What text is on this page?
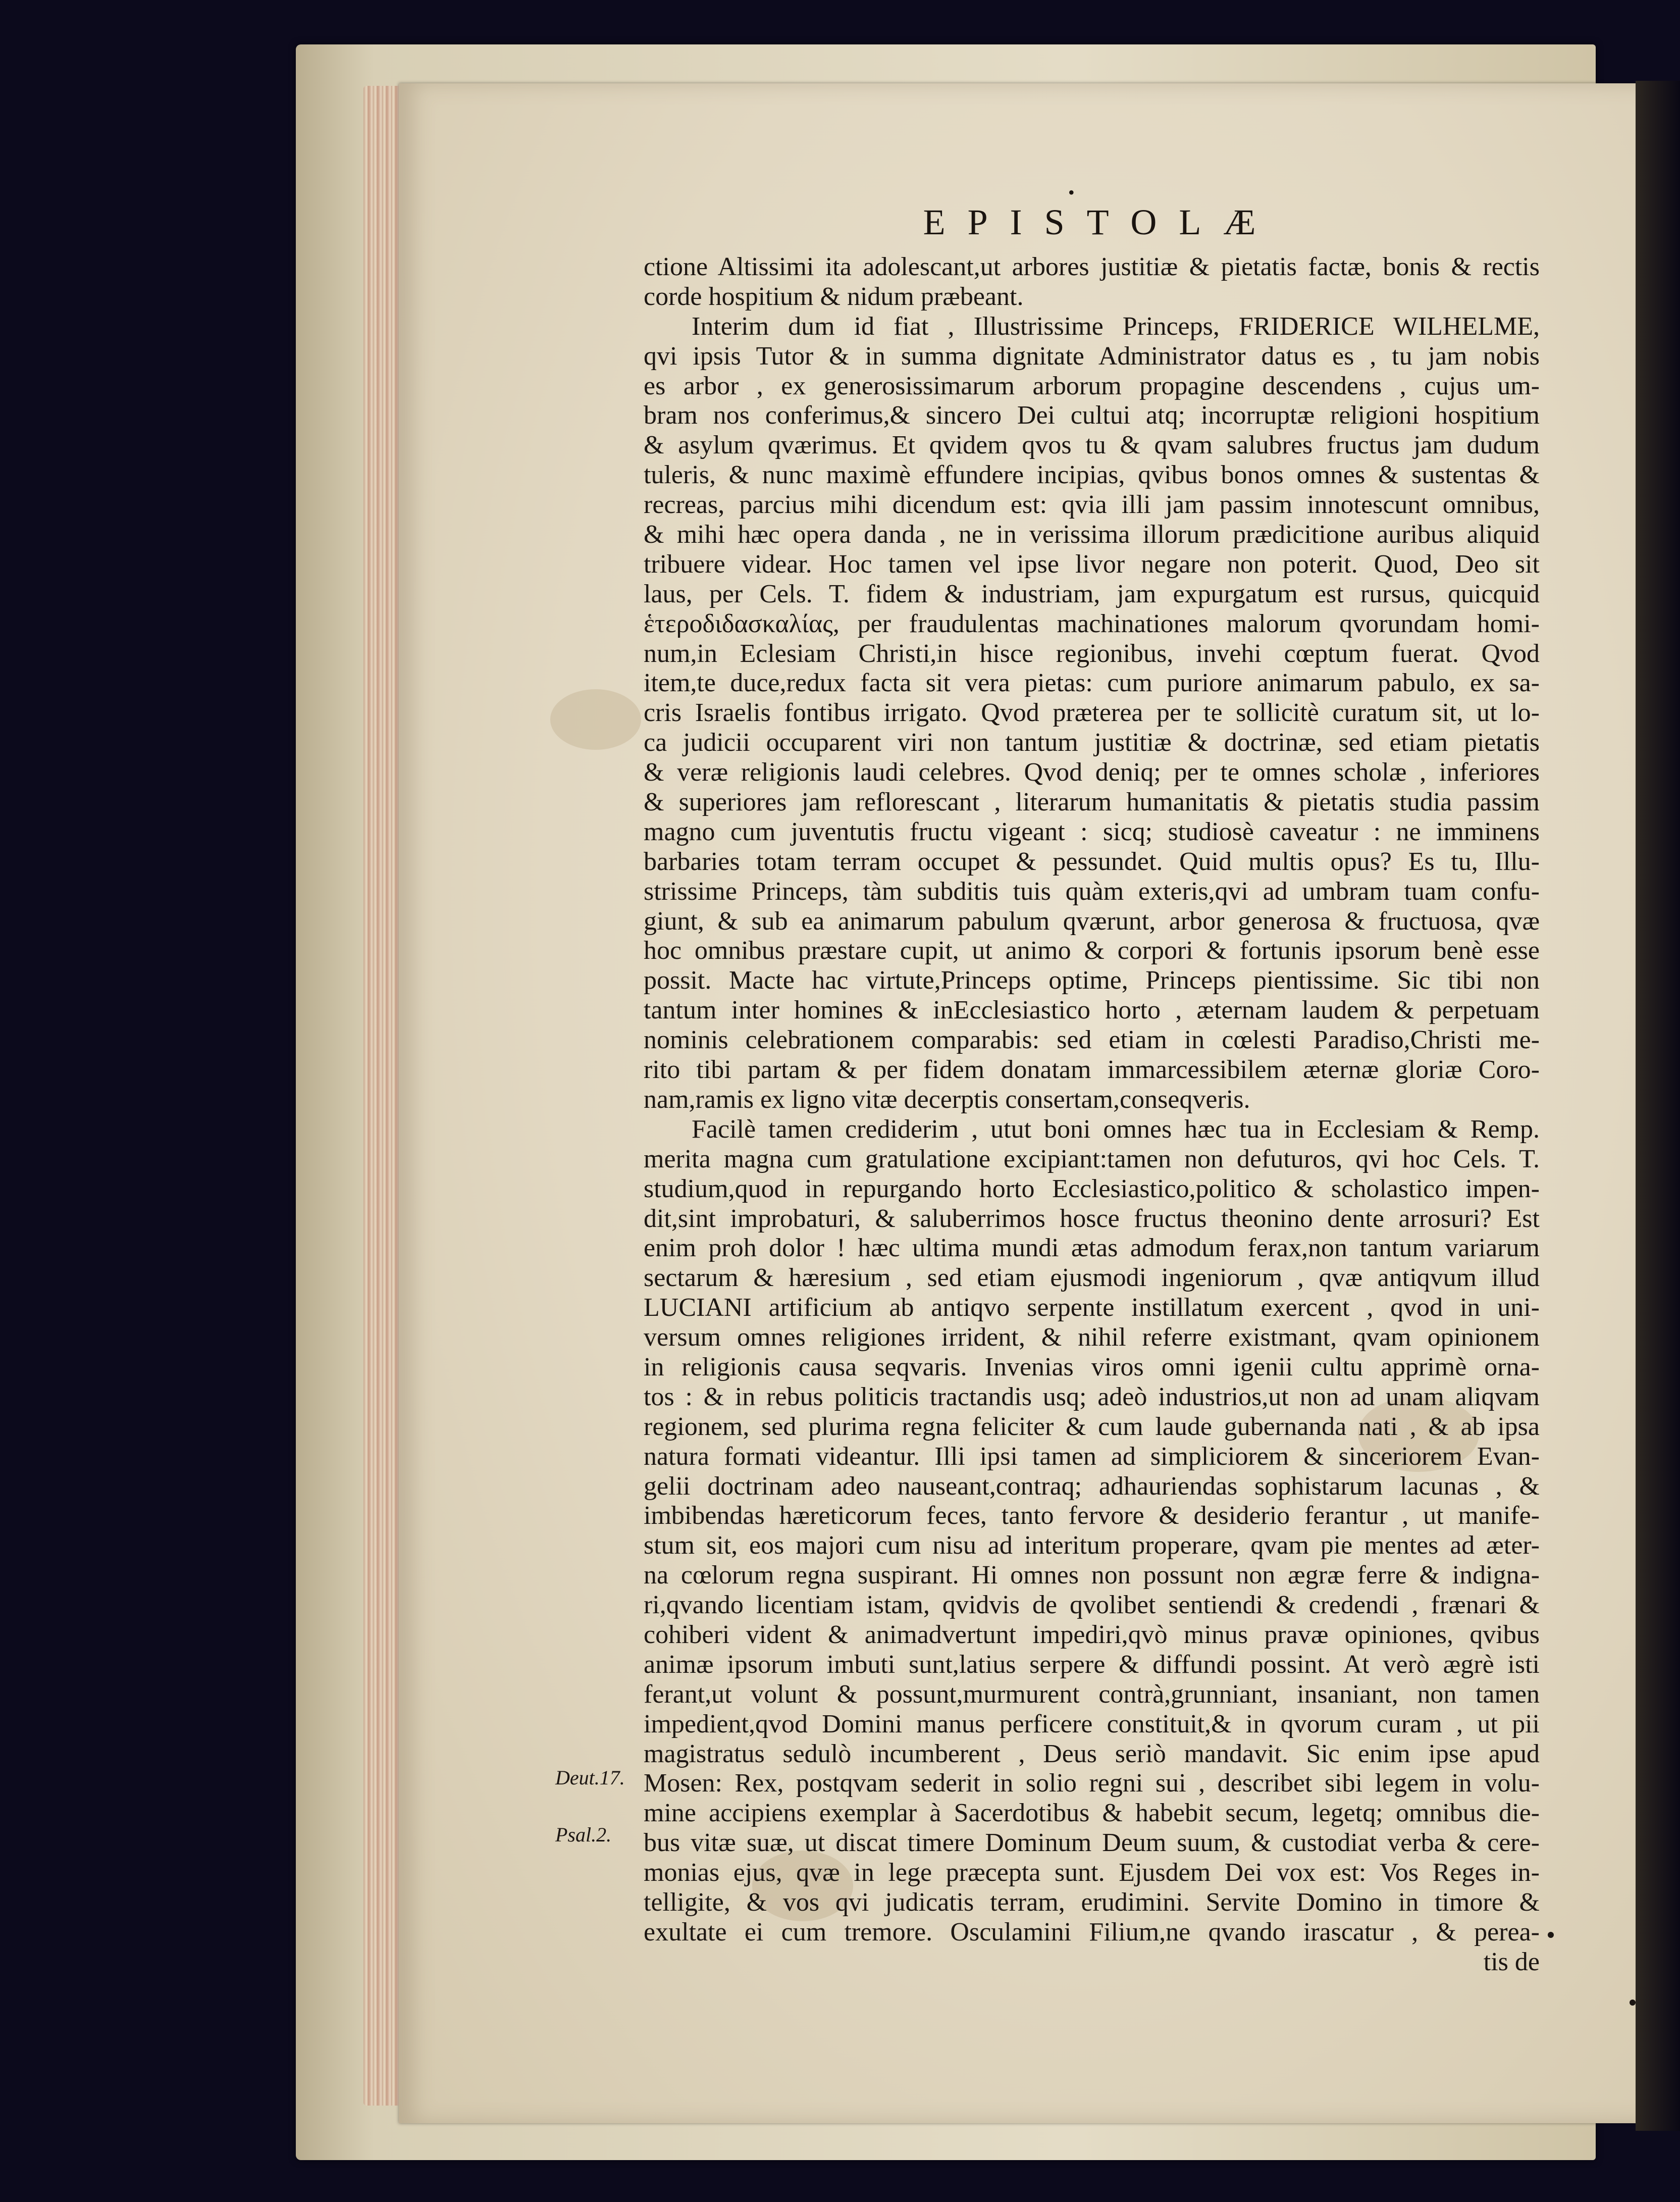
•
EPISTOLÆ
ctione Altissimi ita adolescant,ut arbores justitiæ & pietatis factæ, bonis & rectis
corde hospitium & nidum præbeant.
Interim dum id fiat , Illustrissime Princeps, FRIDERICE WILHELME,
qvi ipsis Tutor & in summa dignitate Administrator datus es , tu jam nobis
es arbor , ex generosissimarum arborum propagine descendens , cujus um-
bram nos conferimus,& sincero Dei cultui atq; incorruptæ religioni hospitium
& asylum qværimus. Et qvidem qvos tu & qvam salubres fructus jam dudum
tuleris, & nunc maximè effundere incipias, qvibus bonos omnes & sustentas &
recreas, parcius mihi dicendum est: qvia illi jam passim innotescunt omnibus,
& mihi hæc opera danda , ne in verissima illorum prædicitione auribus aliquid
tribuere videar. Hoc tamen vel ipse livor negare non poterit. Quod, Deo sit
laus, per Cels. T. fidem & industriam, jam expurgatum est rursus, quicquid
ἑτεροδιδασκαλίας, per fraudulentas machinationes malorum qvorundam homi-
num,in Eclesiam Christi,in hisce regionibus, invehi cœptum fuerat. Qvod
item,te duce,redux facta sit vera pietas: cum puriore animarum pabulo, ex sa-
cris Israelis fontibus irrigato. Qvod præterea per te sollicitè curatum sit, ut lo-
ca judicii occuparent viri non tantum justitiæ & doctrinæ, sed etiam pietatis
& veræ religionis laudi celebres. Qvod deniq; per te omnes scholæ , inferiores
& superiores jam reflorescant , literarum humanitatis & pietatis studia passim
magno cum juventutis fructu vigeant : sicq; studiosè caveatur : ne imminens
barbaries totam terram occupet & pessundet. Quid multis opus? Es tu, Illu-
strissime Princeps, tàm subditis tuis quàm exteris,qvi ad umbram tuam confu-
giunt, & sub ea animarum pabulum qværunt, arbor generosa & fructuosa, qvæ
hoc omnibus præstare cupit, ut animo & corpori & fortunis ipsorum benè esse
possit. Macte hac virtute,Princeps optime, Princeps pientissime. Sic tibi non
tantum inter homines & inEcclesiastico horto , æternam laudem & perpetuam
nominis celebrationem comparabis: sed etiam in cœlesti Paradiso,Christi me-
rito tibi partam & per fidem donatam immarcessibilem æternæ gloriæ Coro-
nam,ramis ex ligno vitæ decerptis consertam,conseqveris.
Facilè tamen crediderim , utut boni omnes hæc tua in Ecclesiam & Remp.
merita magna cum gratulatione excipiant:tamen non defuturos, qvi hoc Cels. T.
studium,quod in repurgando horto Ecclesiastico,politico & scholastico impen-
dit,sint improbaturi, & saluberrimos hosce fructus theonino dente arrosuri? Est
enim proh dolor ! hæc ultima mundi ætas admodum ferax,non tantum variarum
sectarum & hæresium , sed etiam ejusmodi ingeniorum , qvæ antiqvum illud
LUCIANI artificium ab antiqvo serpente instillatum exercent , qvod in uni-
versum omnes religiones irrident, & nihil referre existmant, qvam opinionem
in religionis causa seqvaris. Invenias viros omni igenii cultu apprimè orna-
tos : & in rebus politicis tractandis usq; adeò industrios,ut non ad unam aliqvam
regionem, sed plurima regna feliciter & cum laude gubernanda nati , & ab ipsa
natura formati videantur. Illi ipsi tamen ad simpliciorem & sinceriorem Evan-
gelii doctrinam adeo nauseant,contraq; adhauriendas sophistarum lacunas , &
imbibendas hæreticorum feces, tanto fervore & desiderio ferantur , ut manife-
stum sit, eos majori cum nisu ad interitum properare, qvam pie mentes ad æter-
na cœlorum regna suspirant. Hi omnes non possunt non ægræ ferre & indigna-
ri,qvando licentiam istam, qvidvis de qvolibet sentiendi & credendi , frænari &
cohiberi vident & animadvertunt impediri,qvò minus pravæ opiniones, qvibus
animæ ipsorum imbuti sunt,latius serpere & diffundi possint. At verò ægrè isti
ferant,ut volunt & possunt,murmurent contrà,grunniant, insaniant, non tamen
impedient,qvod Domini manus perficere constituit,& in qvorum curam , ut pii
magistratus sedulò incumberent , Deus seriò mandavit. Sic enim ipse apud
Mosen: Rex, postqvam sederit in solio regni sui , describet sibi legem in volu-
mine accipiens exemplar à Sacerdotibus & habebit secum, legetq; omnibus die-
bus vitæ suæ, ut discat timere Dominum Deum suum, & custodiat verba & cere-
monias ejus, qvæ in lege præcepta sunt. Ejusdem Dei vox est: Vos Reges in-
telligite, & vos qvi judicatis terram, erudimini. Servite Domino in timore &
exultate ei cum tremore. Osculamini Filium,ne qvando irascatur , & perea-
tis de
Deut.17.
Psal.2.
